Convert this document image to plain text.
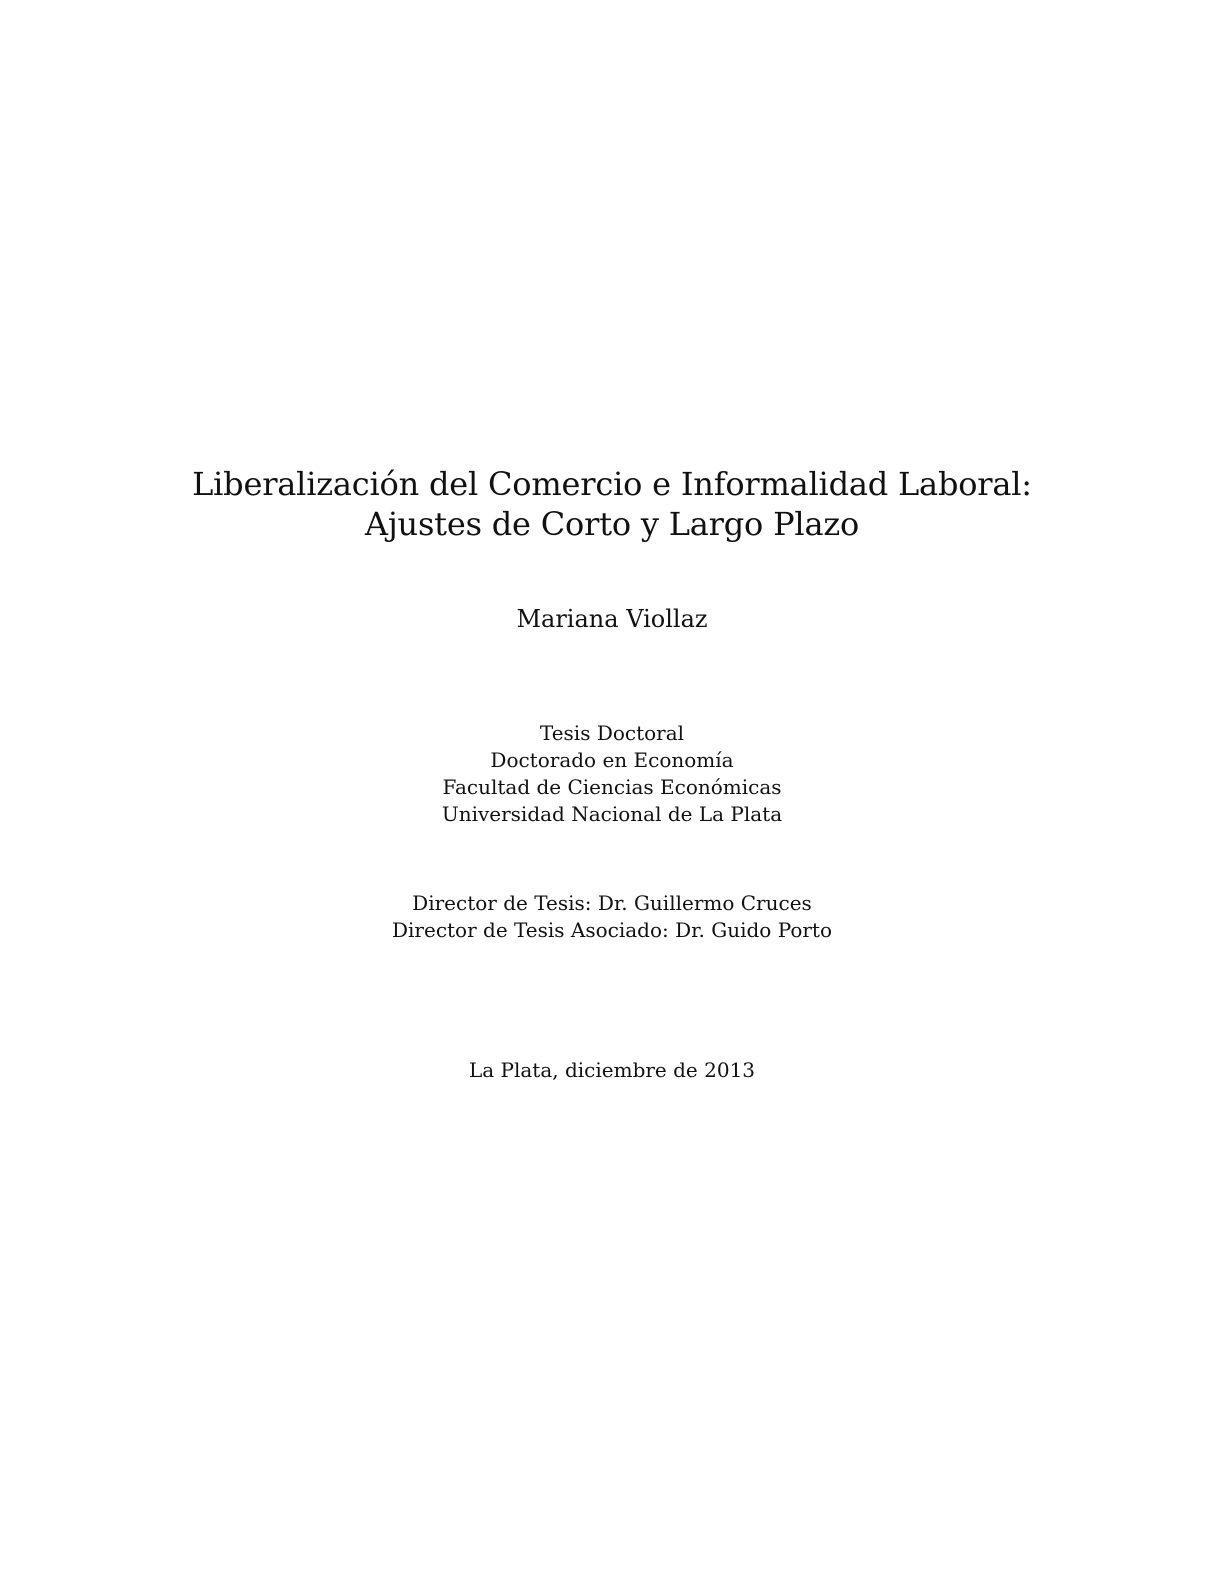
Liberalización del Comercio e Informalidad Laboral:
Ajustes de Corto y Largo Plazo
Mariana Viollaz
Tesis Doctoral
Doctorado en Economía
Facultad de Ciencias Económicas
Universidad Nacional de La Plata
Director de Tesis: Dr. Guillermo Cruces
Director de Tesis Asociado: Dr. Guido Porto
La Plata, diciembre de 2013
